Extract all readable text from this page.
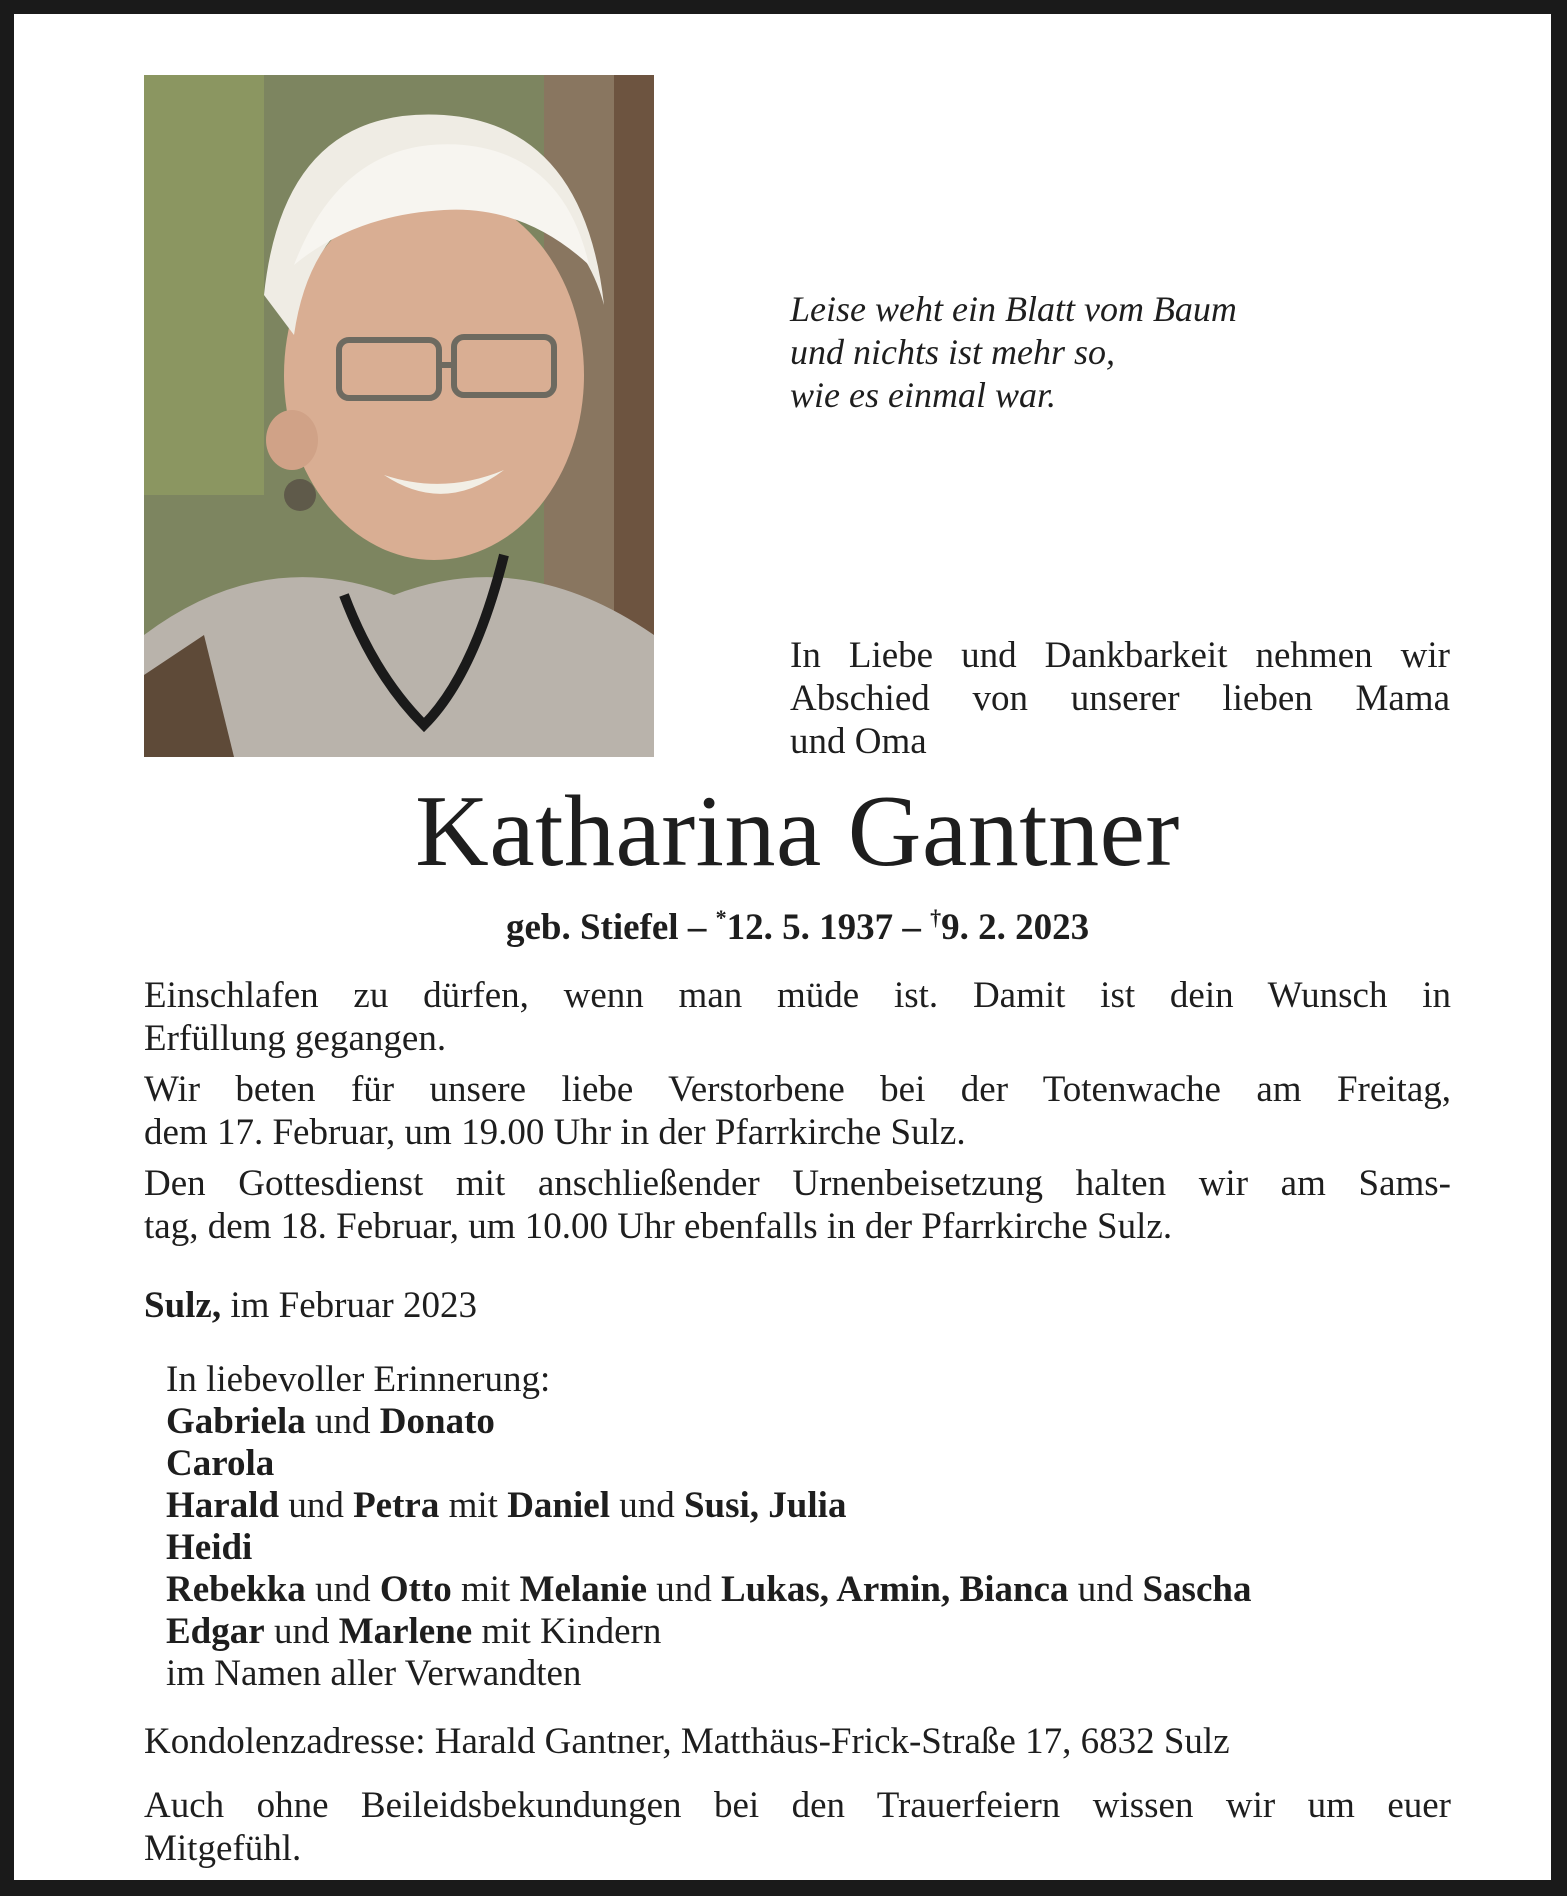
Leise weht ein Blatt vom Baum
und nichts ist mehr so,
wie es einmal war.
In Liebe und Dankbarkeit nehmen wir
Abschied von unserer lieben Mama
und Oma
Katharina Gantner
geb. Stiefel – *12. 5. 1937 – †9. 2. 2023
Einschlafen zu dürfen, wenn man müde ist. Damit ist dein Wunsch in
Erfüllung gegangen.
Wir beten für unsere liebe Verstorbene bei der Totenwache am Freitag,
dem 17. Februar, um 19.00 Uhr in der Pfarrkirche Sulz.
Den Gottesdienst mit anschließender Urnenbeisetzung halten wir am Sams-
tag, dem 18. Februar, um 10.00 Uhr ebenfalls in der Pfarrkirche Sulz.
Sulz, im Februar 2023
In liebevoller Erinnerung:
Gabriela und Donato
Carola
Harald und Petra mit Daniel und Susi, Julia
Heidi
Rebekka und Otto mit Melanie und Lukas, Armin, Bianca und Sascha
Edgar und Marlene mit Kindern
im Namen aller Verwandten
Kondolenzadresse: Harald Gantner, Matthäus-Frick-Straße 17, 6832 Sulz
Auch ohne Beileidsbekundungen bei den Trauerfeiern wissen wir um euer
Mitgefühl.
